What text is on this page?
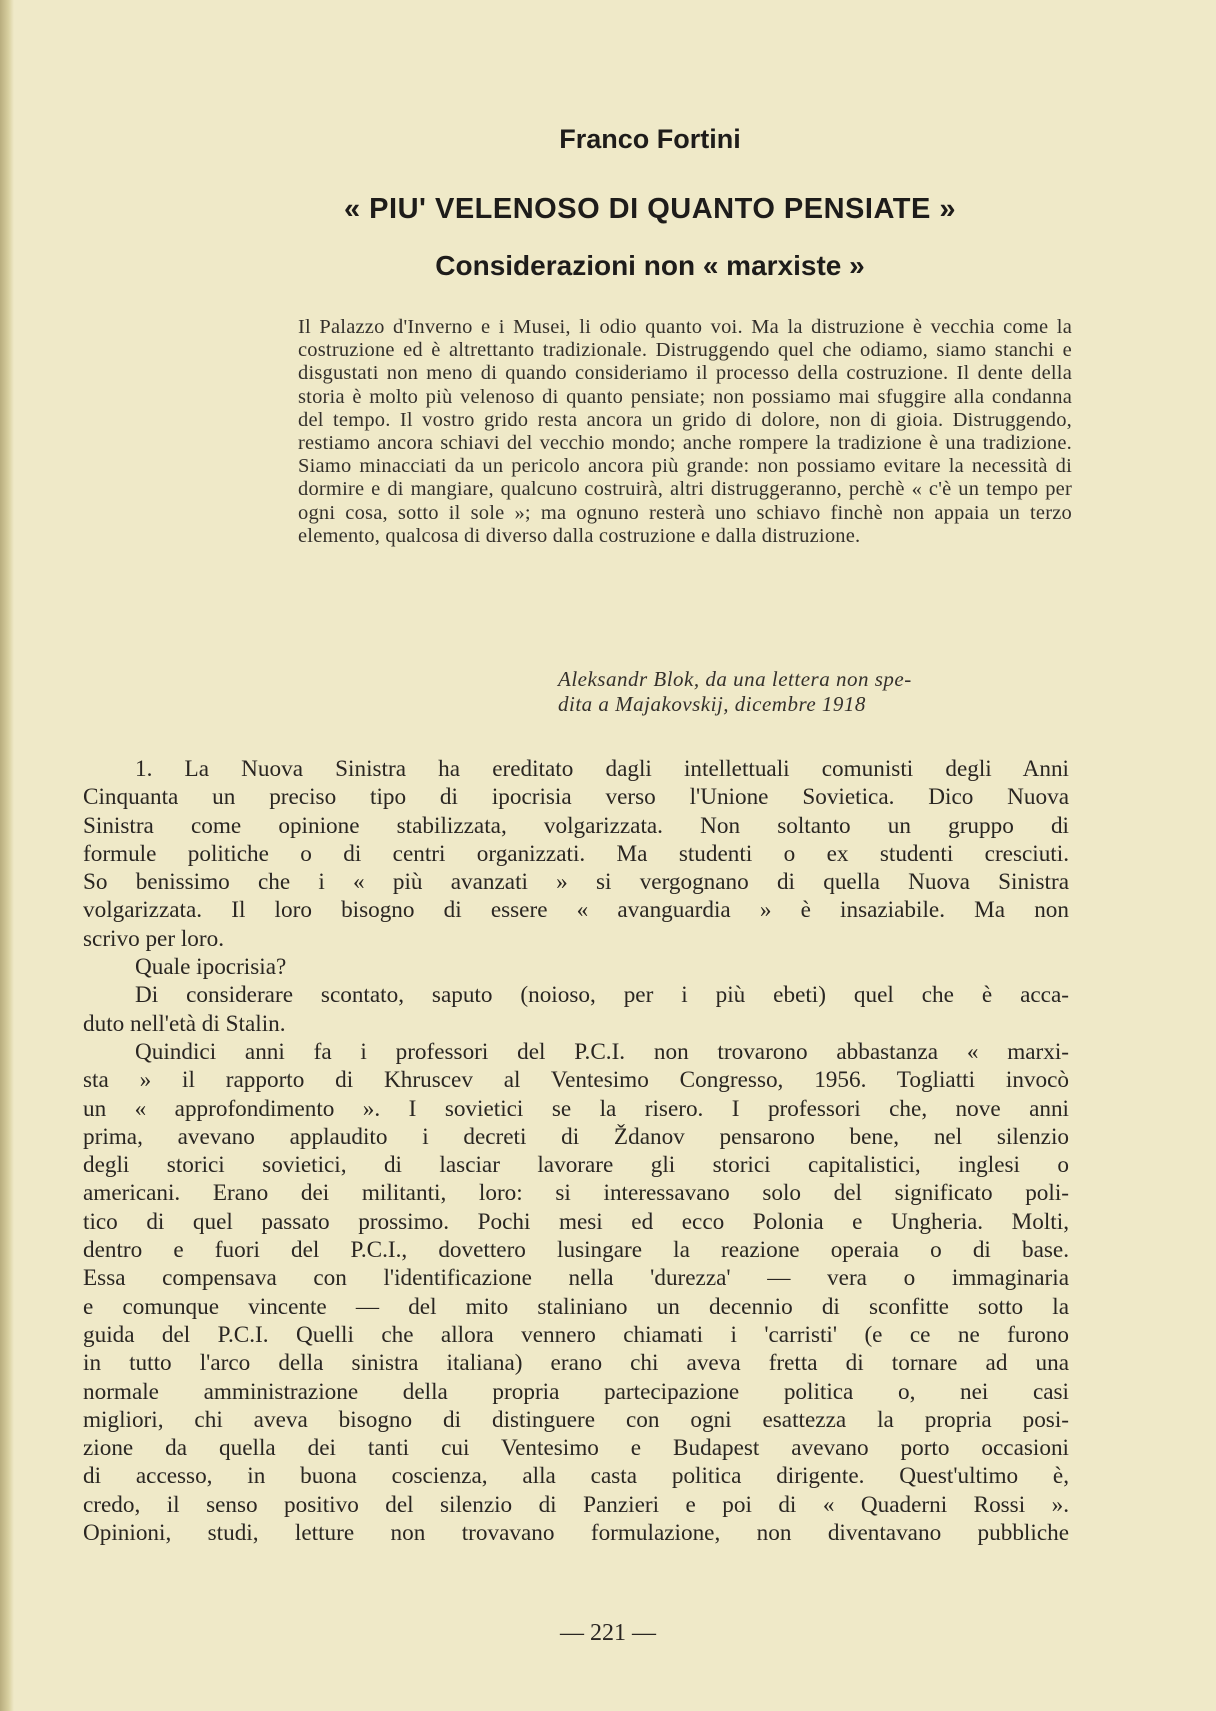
Franco Fortini
« PIU' VELENOSO DI QUANTO PENSIATE »
Considerazioni non « marxiste »

Il Palazzo d'Inverno e i Musei, li odio quanto voi. Ma la distruzione è vecchia come la costruzione ed è altrettanto tradizionale. Distruggendo quel che odiamo, siamo stanchi e disgustati non meno di quando consideriamo il processo della costruzione. Il dente della storia è molto più velenoso di quanto pensiate; non possiamo mai sfuggire alla condanna del tempo. Il vostro grido resta ancora un grido di dolore, non di gioia. Distruggendo, restiamo ancora schiavi del vecchio mondo; anche rompere la tradizione è una tradizione. Siamo minacciati da un pericolo ancora più grande: non possiamo evitare la necessità di dormire e di mangiare, qualcuno costruirà, altri distruggeranno, perchè « c'è un tempo per ogni cosa, sotto il sole »; ma ognuno resterà uno schiavo finchè non appaia un terzo elemento, qualcosa di diverso dalla costruzione e dalla distruzione.

Aleksandr Blok, da una lettera non spe-
dita a Majakovskij, dicembre 1918
1. La Nuova Sinistra ha ereditato dagli intellettuali comunisti degli Anni
Cinquanta un preciso tipo di ipocrisia verso l'Unione Sovietica. Dico Nuova
Sinistra come opinione stabilizzata, volgarizzata. Non soltanto un gruppo di
formule politiche o di centri organizzati. Ma studenti o ex studenti cresciuti.
So benissimo che i « più avanzati » si vergognano di quella Nuova Sinistra
volgarizzata. Il loro bisogno di essere « avanguardia » è insaziabile. Ma non
scrivo per loro.
Quale ipocrisia?
Di considerare scontato, saputo (noioso, per i più ebeti) quel che è acca-
duto nell'età di Stalin.
Quindici anni fa i professori del P.C.I. non trovarono abbastanza « marxi-
sta » il rapporto di Khruscev al Ventesimo Congresso, 1956. Togliatti invocò
un « approfondimento ». I sovietici se la risero. I professori che, nove anni
prima, avevano applaudito i decreti di Ždanov pensarono bene, nel silenzio
degli storici sovietici, di lasciar lavorare gli storici capitalistici, inglesi o
americani. Erano dei militanti, loro: si interessavano solo del significato poli-
tico di quel passato prossimo. Pochi mesi ed ecco Polonia e Ungheria. Molti,
dentro e fuori del P.C.I., dovettero lusingare la reazione operaia o di base.
Essa compensava con l'identificazione nella 'durezza' — vera o immaginaria
e comunque vincente — del mito staliniano un decennio di sconfitte sotto la
guida del P.C.I. Quelli che allora vennero chiamati i 'carristi' (e ce ne furono
in tutto l'arco della sinistra italiana) erano chi aveva fretta di tornare ad una
normale amministrazione della propria partecipazione politica o, nei casi
migliori, chi aveva bisogno di distinguere con ogni esattezza la propria posi-
zione da quella dei tanti cui Ventesimo e Budapest avevano porto occasioni
di accesso, in buona coscienza, alla casta politica dirigente. Quest'ultimo è,
credo, il senso positivo del silenzio di Panzieri e poi di « Quaderni Rossi ».
Opinioni, studi, letture non trovavano formulazione, non diventavano pubbliche
— 221 —
